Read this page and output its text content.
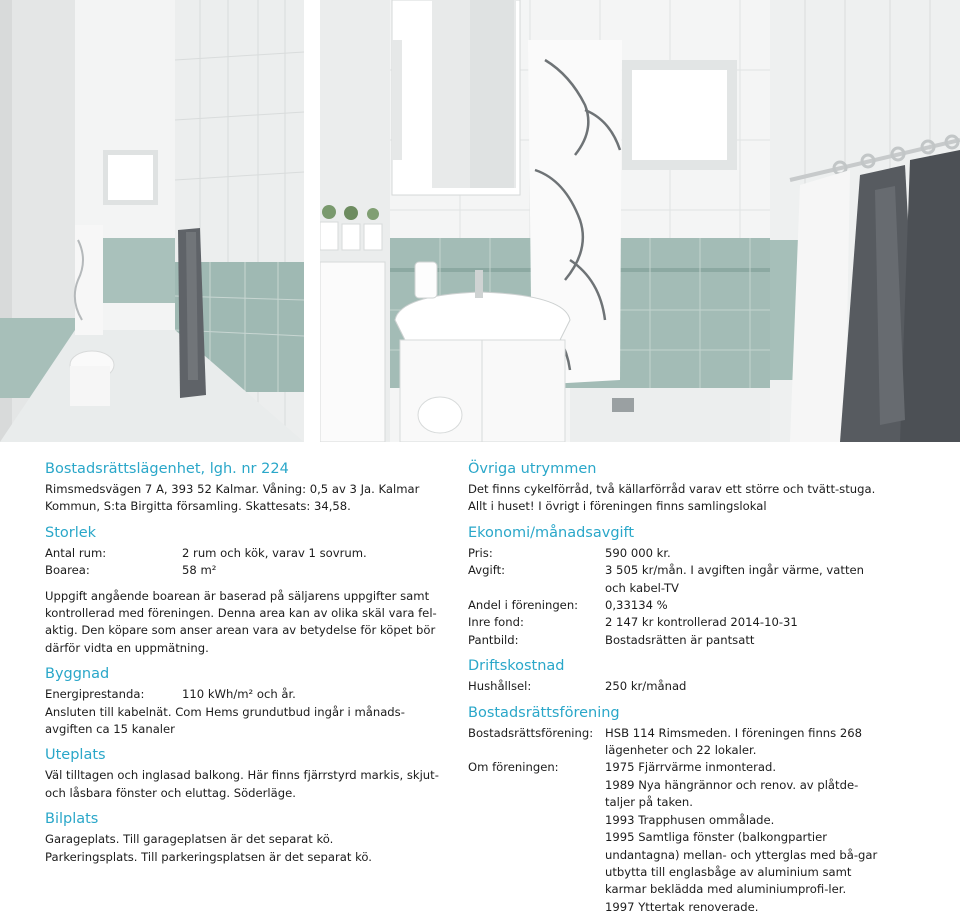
Bostadsrättslägenhet, lgh. nr 224
Rimsmedsvägen 7 A, 393 52 Kalmar. Våning: 0,5 av 3 Ja. Kalmar Kommun, S:ta Birgitta församling. Skattesats: 34,58.
Storlek
Antal rum:	2 rum och kök, varav 1 sovrum.
Boarea:	58 m²
Uppgift angående boarean är baserad på säljarens uppgifter samt kontrollerad med föreningen. Denna area kan av olika skäl vara fel-aktig. Den köpare som anser arean vara av betydelse för köpet bör därför vidta en uppmätning.
Byggnad
Energiprestanda:	110 kWh/m² och år.
Ansluten till kabelnät. Com Hems grundutbud ingår i månads-avgiften ca 15 kanaler
Uteplats
Väl tilltagen och inglasad balkong. Här finns fjärrstyrd markis, skjut- och låsbara fönster och eluttag. Söderläge.
Bilplats
Garageplats. Till garageplatsen är det separat kö.
Parkeringsplats. Till parkeringsplatsen är det separat kö.
Övriga utrymmen
Det finns cykelförråd, två källarförråd varav ett större och tvätt-stuga. Allt i huset! I övrigt i föreningen finns samlingslokal
Ekonomi/månadsavgift
Pris:	590 000 kr.
Avgift:	3 505 kr/mån. I avgiften ingår värme, vatten och kabel-TV
Andel i föreningen:	0,33134 %
Inre fond:	2 147 kr kontrollerad 2014-10-31
Pantbild:	Bostadsrätten är pantsatt
Driftskostnad
Hushållsel:	250 kr/månad
Bostadsrättsförening
Bostadsrättsförening:	HSB 114 Rimsmeden. I föreningen finns 268 lägenheter och 22 lokaler.
Om föreningen:	1975 Fjärrvärme inmonterad.
1989 Nya hängrännor och renov. av plåtde-taljer på taken.
1993 Trapphusen ommålade.
1995 Samtliga fönster (balkongpartier undantagna) mellan- och ytterglas med bå-gar utbytta till englasbåge av aluminium samt karmar beklädda med aluminiumprofi-ler.
1997 Yttertak renoverade.
